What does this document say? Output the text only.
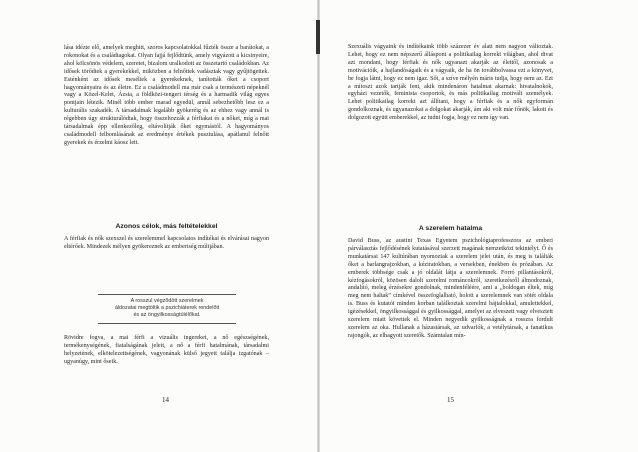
lása idézte elő, amelyek meghitt, szoros kapcsolatokkal fűzték össze a barátokat, a rokonokat és a családtagokat. Olyan fajjá fejlődtünk, amely vigyázott a kicsinyeire, ahol kölcsönös védelem, szeretet, bizalom uralkodott az összetartó családokban. Az idősek törődtek a gyerekekkel, miközben a felnőttek vadásztak vagy gyűjtögettek. Esténként az idősek meséltek a gyerekeknek, tanították őket a csoport hagyományaira és az életre. Ez a családmodell ma már csak a természeti népeknél vagy a Közel-Kelet, Ázsia, a földközi-tengeri térség és a harmadik világ egyes pontjain létezik. Minél több ember marad egyedül, annál sebezhetőbb lesz ez a kulturális szakadék. A társadalmak legalább gyökeréig és az ehhez vagy annál is régebben úgy strukturálódtak, hogy összehozzák a férfiakat és a nőket, míg a mai társadalmak épp ellenkezőleg, eltávolítják őket egymástól. A hagyományos családmodell felbomlásának az eredménye értékek pusztulása, apátlanul felnőtt gyerekek és érzelmi káosz lett.

Azonos célok, más feltételekkel

A férfiak és nők szexszel és szerelemmel kapcsolatos indítékai és elvárásai nagyon eltérőek. Mindezek mélyen gyökereznek az emberiség múltjában.

A rosszul végződött szerelmek
áldozatai megtöltik a pszichiáterek rendelőit
és az öngyilkosságtúlélőkat.

Rövidre fogva, a mai férfi a vizuális ingereket, a nő egészségének, termékenységének, fiatalságának jeleit, a nő a férfi hatalmának, társadalmi helyzetének, elkötelezettségének, vagyonának külső jegyeit találja izgatónak – ugyanúgy, mint őseik.

14

Szexuális vágyaink és indítékaink több százezer év alatt nem nagyon változtak. Lehet, hogy ez nem népszerű álláspont a politikailag korrekt világban, ahol divat azt mondani, hogy férfiak és nők ugyanazt akarják az élettől, azonosak a motivációik, a hajlandóságaik és a vágyaik, de ha ön továbbolvassa ezt a könyvet, be fogja látni, hogy ez nem igaz. Sőt, a szíve mélyén máris tudja, hogy nem az. Ezt a mítoszt azok tartják fent, akik mindenáron hatalmat akarnak: hivatalnokok, egyházi vezetők, feminista csoportok, és más politikailag motivált személyek. Lehet politikailag korrekt azt állítani, hogy a férfiak és a nők egyformán gondolkoznak, és ugyanazokat a dolgokat akarják, ám aki volt már főnök, lakott és dolgozott együtt emberekkel, az tudni fogja, hogy ez nem így van.

A szerelem hatalma

David Buss, az austini Texas Egyetem pszichológiaprofesszora az emberi párválasztás fejlődésének kutatásával szerzett magának nemzetközi tekintélyt. Ő és munkatársai 147 kultúrában nyomoztak a szerelem jelei után, és meg is találták őket a barlangrajzokban, a kéziratokban, a versekben, énekben és prózában. Az emberek többsége csak a jó oldalát látja a szerelemnek. Forró pillantásokról, kézfogásokról, közösen dalolt szerelmi románcokról, szeretkezésről álmodoznak, andalító, meleg érzésekre gondolnak, mindenféléére, ami a „boldogan éltek, míg meg nem haltak” címkével összefoglalható, holott a szerelemnek van sötét oldala is. Buss és kutatói minden korban találkoztak szerelmi bájtalokkal, amulettekkel, igézésekkel, öngyilkossággal és gyilkossággal, amelyet az elveszett vagy elvesztett szerelem miatt követtek el. Minden negyedik gyilkosságnak a rosszra fordult szerelem az oka. Hullanak a házastársak, az udvarlók, a vetélytársak, a fanatikus rajongók, az elhagyott szeretők. Számtalan mín-

15
